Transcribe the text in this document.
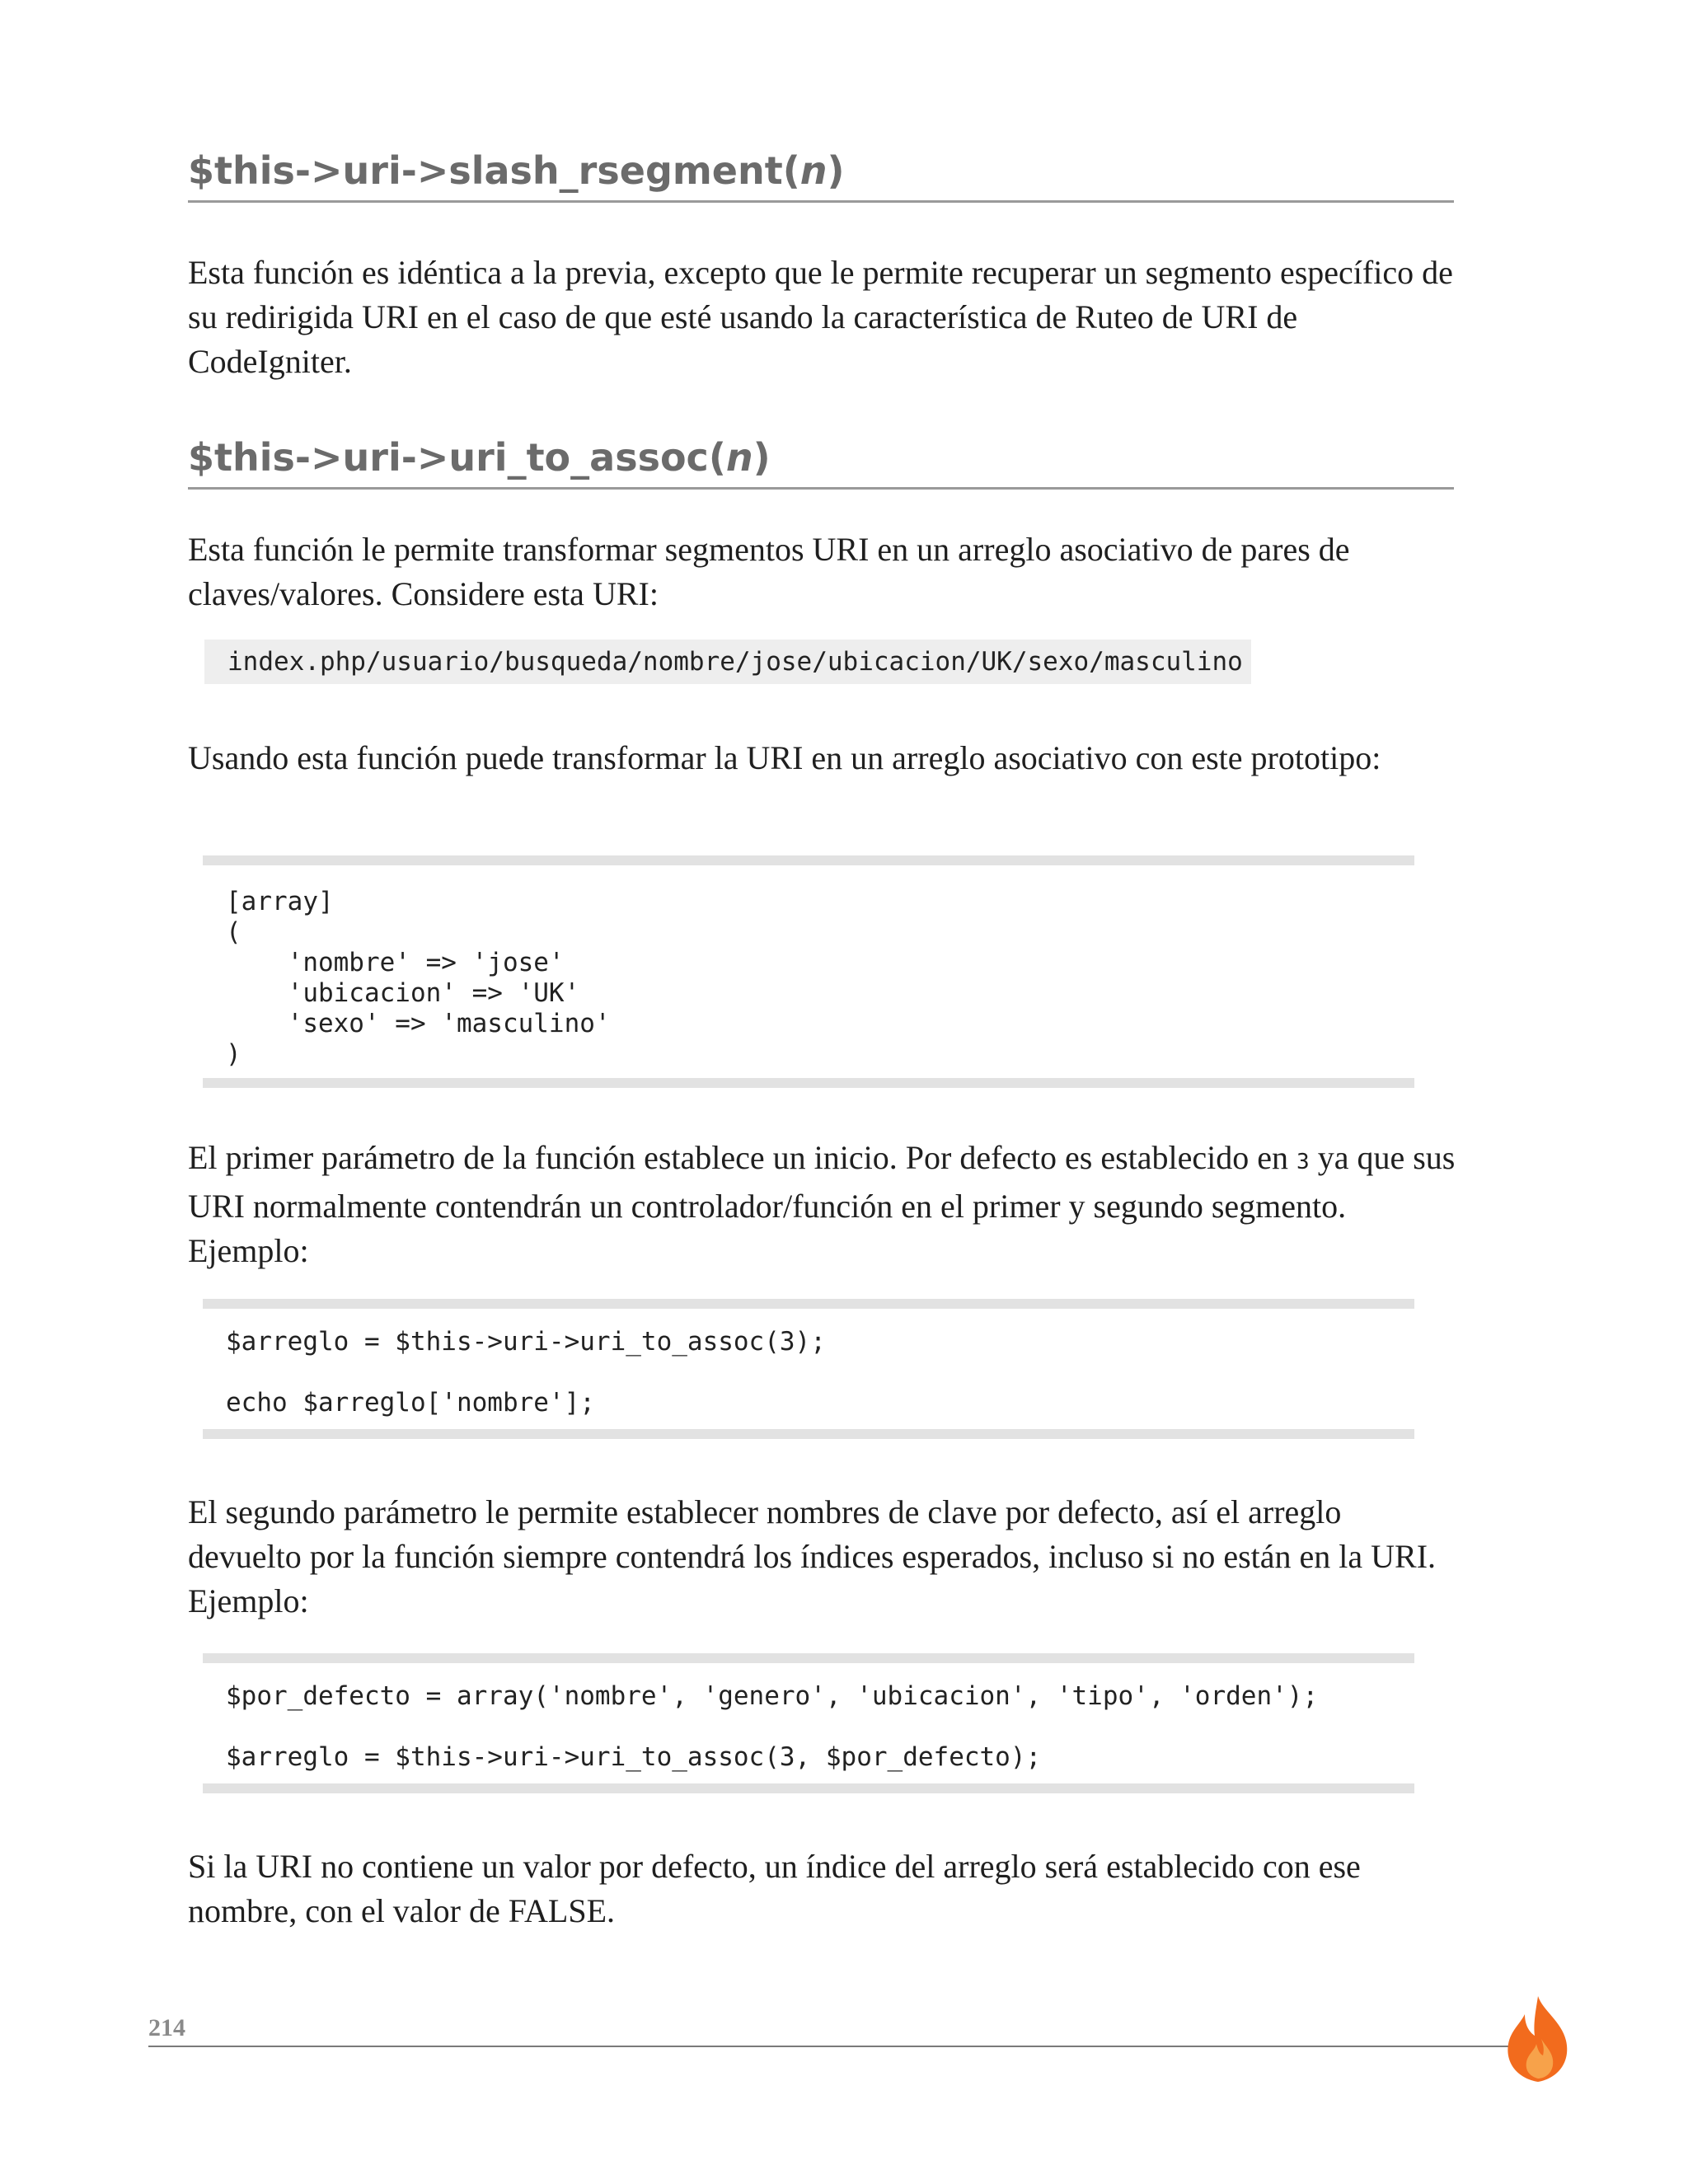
$this->uri->slash_rsegment(n)

Esta función es idéntica a la previa, excepto que le permite recuperar un segmento específico de su redirigida URI en el caso de que esté usando la característica de Ruteo de URI de CodeIgniter.

$this->uri->uri_to_assoc(n)

Esta función le permite transformar segmentos URI en un arreglo asociativo de pares de claves/valores. Considere esta URI:

index.php/usuario/busqueda/nombre/jose/ubicacion/UK/sexo/masculino

Usando esta función puede transformar la URI en un arreglo asociativo con este prototipo:

[array]
(
'nombre' => 'jose'
'ubicacion' => 'UK'
'sexo' => 'masculino'
)

El primer parámetro de la función establece un inicio. Por defecto es establecido en 3 ya que sus URI normalmente contendrán un controlador/función en el primer y segundo segmento. Ejemplo:

$arreglo = $this->uri->uri_to_assoc(3);
echo $arreglo['nombre'];

El segundo parámetro le permite establecer nombres de clave por defecto, así el arreglo devuelto por la función siempre contendrá los índices esperados, incluso si no están en la URI. Ejemplo:

$por_defecto = array('nombre', 'genero', 'ubicacion', 'tipo', 'orden');
$arreglo = $this->uri->uri_to_assoc(3, $por_defecto);

Si la URI no contiene un valor por defecto, un índice del arreglo será establecido con ese nombre, con el valor de FALSE.

214
